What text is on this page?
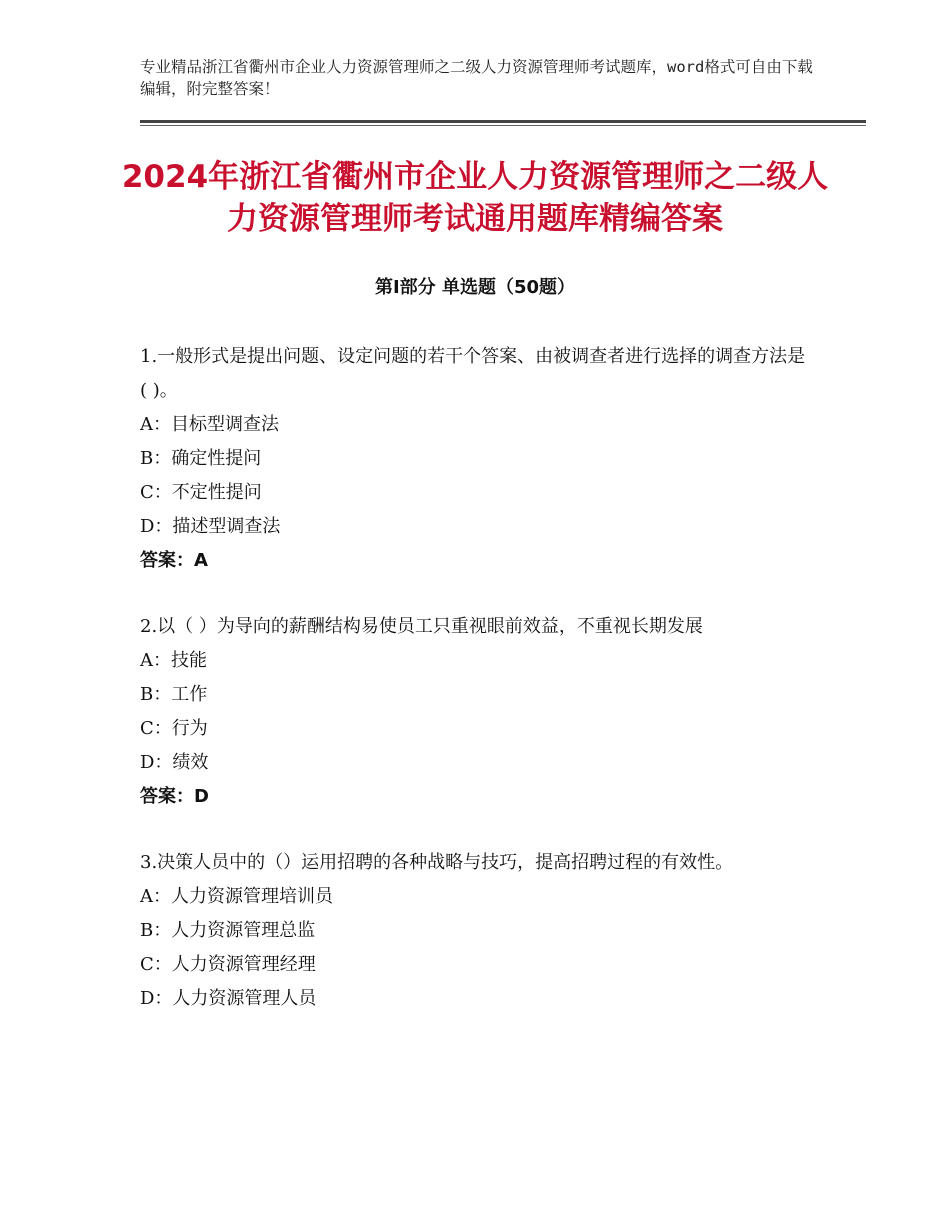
专业精品浙江省衢州市企业人力资源管理师之二级人力资源管理师考试题库，word格式可自由下载编辑，附完整答案！
2024年浙江省衢州市企业人力资源管理师之二级人力资源管理师考试通用题库精编答案
第Ⅰ部分 单选题（50题）
1.一般形式是提出问题、设定问题的若干个答案、由被调查者进行选择的调查方法是( )。
A：目标型调查法
B：确定性提问
C：不定性提问
D：描述型调查法
答案：A
2.以（ ）为导向的薪酬结构易使员工只重视眼前效益，不重视长期发展
A：技能
B：工作
C：行为
D：绩效
答案：D
3.决策人员中的（）运用招聘的各种战略与技巧，提高招聘过程的有效性。
A：人力资源管理培训员
B：人力资源管理总监
C：人力资源管理经理
D：人力资源管理人员
